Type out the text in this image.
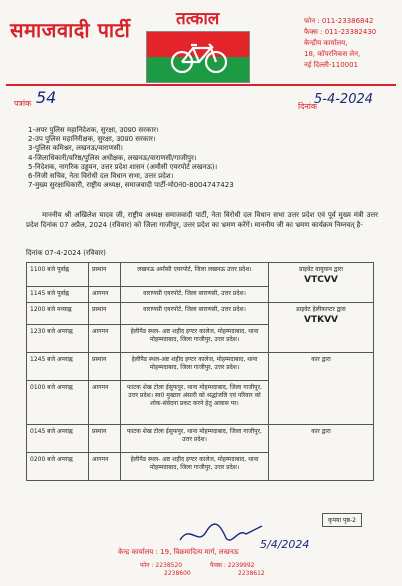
समाजवादी पार्टी	तत्काल	फोन : 011-23386842
फैक्स : 011-23382430
केन्द्रीय कार्यालय,
18, कॉपरनिकस लेन,
नई दिल्ली-110001
पत्रांक 54	दिनांक
5-4-2024
1-अपर पुलिस महानिदेशक, सुरक्षा, उ0प्र0 सरकार।
2-उप पुलिस महानिरीक्षक, सुरक्षा, उ0प्र0 सरकार।
3-पुलिस कमिश्नर, लखनऊ/वाराणसी।
4-जिलाधिकारी/वरिष्ठ/पुलिस अधीक्षक, लखनऊ/वाराणसी/गाजीपुर।
5-निदेशक, नागरिक उड्डयन, उत्तर प्रदेश शासन (अमौसी एयरपोर्ट लखनऊ)।
6-निजी सचिव, नेता विरोधी दल विधान सभा, उत्तर प्रदेश।
7-मुख्य सुरक्षाधिकारी, राष्ट्रीय अध्यक्ष, समाजवादी पार्टी-मो0नं0-8004747423
माननीय श्री अखिलेश यादव जी, राष्ट्रीय अध्यक्ष समाजवादी पार्टी, नेता विरोधी दल विधान सभा उत्तर प्रदेश एवं पूर्व मुख्य मंत्री उत्तर प्रदेश दिनांक 07 अप्रैल, 2024 (रविवार) को जिला गाजीपुर, उत्तर प्रदेश का भ्रमण करेंगें। माननीय जी का भ्रमण कार्यक्रम निम्नवत् है-
दिनांक 07-4-2024 (रविवार)
1100 बजे पूर्वाह्न	प्रस्थान	लखनऊ अमौसी एयरपोर्ट, जिला लखनऊ उत्तर प्रदेश।	प्राइवेट वायुयान द्वारा
VTCVV

1145 बजे पूर्वाह्न	आगमन	वाराणसी एयरपोर्ट, जिला वाराणसी, उत्तर प्रदेश।	
1200 बजे मध्याह्न	प्रस्थान	वाराणसी एयरपोर्ट, जिला वाराणसी, उत्तर प्रदेश।	प्राइवेट हेलीकाप्टर द्वारा
VTKVV

1230 बजे अपराह्न	आगमन	हेलीपैड स्थल- अष्ट शहीद इण्टर कालेज, मोहम्मदाबाद, थाना मोहम्मदाबाद, जिला गाजीपुर, उत्तर प्रदेश।	
1245 बजे अपराह्न	प्रस्थान	हेलीपैड स्थल-अष्ट शहीद इण्टर कालेज, मोहम्मदाबाद, थाना मोहम्मदाबाद, जिला गाजीपुर, उत्तर प्रदेश।	कार द्वारा
0100 बजे अपराह्न	आगमन	फाटक शेख टोला ईसुफपुर, थाना मोहम्मदाबाद, जिला गाजीपुर, उत्तर प्रदेश। स्व0 मुख्तार अंसारी को श्रद्धांजलि एवं परिवार को शोक-संवेदना प्रकट करने हेतु आवास पर।	
0145 बजे अपराह्न	प्रस्थान	फाटक शेख टोला ईसुफपुर, थाना मोहम्मदाबाद, जिला गाजीपुर, उत्तर प्रदेश।	कार द्वारा
0200 बजे अपराह्न	आगमन	हेलीपैड स्थल- अष्ट शहीद इण्टर कालेज, मोहम्मदाबाद, थाना मोहम्मदाबाद, जिला गाजीपुर, उत्तर प्रदेश।	
कृपया पृष्ठ-2
5/4/2024
केन्द्र कार्यालय : 19, विक्रमादित्य मार्ग, लखनऊ
फोन : 2238520
2238600
फैक्स : 2239992
2238612
